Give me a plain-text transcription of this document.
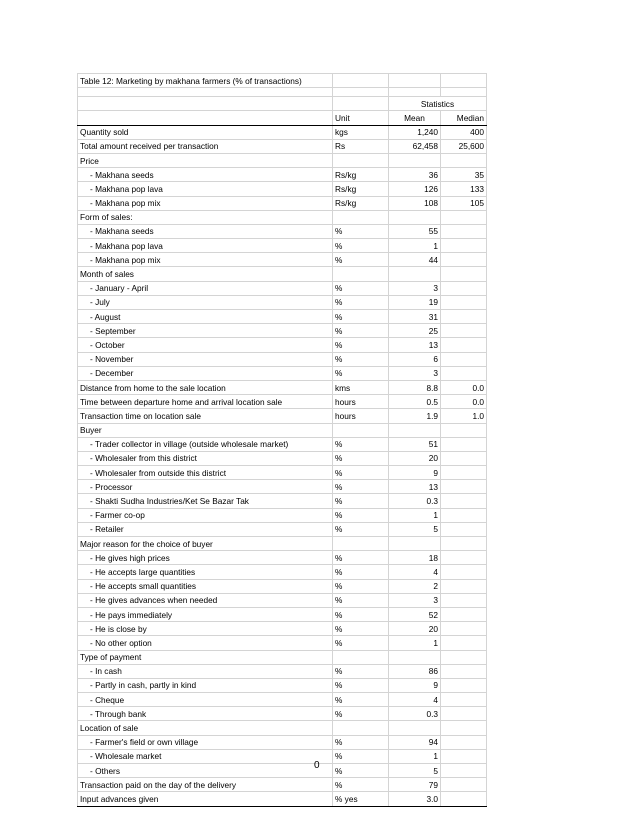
Table 12: Marketing by makhana farmers (% of transactions)			

		Statistics	
	Unit	Mean	Median
Quantity sold	kgs	1,240	400
Total amount received per transaction	Rs	62,458	25,600
Price			
- Makhana seeds	Rs/kg	36	35
- Makhana pop lava	Rs/kg	126	133
- Makhana pop mix	Rs/kg	108	105
Form of sales:			
- Makhana seeds	%	55	
- Makhana pop lava	%	1	
- Makhana pop mix	%	44	
Month of sales			
- January - April	%	3	
- July	%	19	
- August	%	31	
- September	%	25	
- October	%	13	
- November	%	6	
- December	%	3	
Distance from home to the sale location	kms	8.8	0.0
Time between departure home and arrival location sale	hours	0.5	0.0
Transaction time on location sale	hours	1.9	1.0
Buyer			
- Trader collector in village (outside wholesale market)	%	51	
- Wholesaler from this district	%	20	
- Wholesaler from outside this district	%	9	
- Processor	%	13	
- Shakti Sudha Industries/Ket Se Bazar Tak	%	0.3	
- Farmer co-op	%	1	
- Retailer	%	5	
Major reason for the choice of buyer			
- He gives high prices	%	18	
- He accepts large quantities	%	4	
- He accepts small quantities	%	2	
- He gives advances when needed	%	3	
- He pays immediately	%	52	
- He is close by	%	20	
- No other option	%	1	
Type of payment			
- In cash	%	86	
- Partly in cash, partly in kind	%	9	
- Cheque	%	4	
- Through bank	%	0.3	
Location of sale			
- Farmer's field or own village	%	94	
- Wholesale market	%	1	
- Others	%	5	
Transaction paid on the day of the delivery	%	79	
Input advances given	% yes	3.0	
0
